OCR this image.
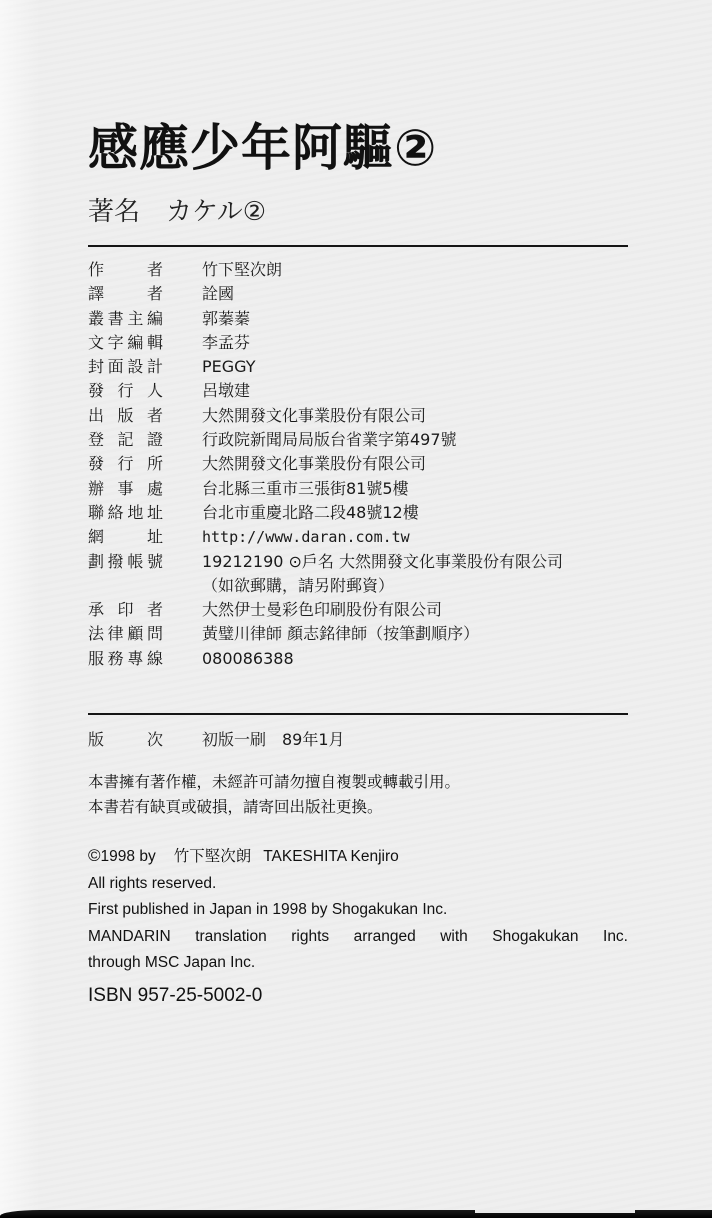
感應少年阿驅②
著名 カケル②
作　者 竹下堅次朗
譯　者 詮國
叢書主編 郭蓁蓁
文字編輯 李孟芬
封面設計 PEGGY
發行人 呂墩建
出版者 大然開發文化事業股份有限公司
登記證 行政院新聞局局版台省業字第497號
發行所 大然開發文化事業股份有限公司
辦事處 台北縣三重市三張街81號5樓
聯絡地址 台北市重慶北路二段48號12樓
網　址	http://www.daran.com.tw
劃撥帳號 19212190 ⊙戶名 大然開發文化事業股份有限公司
（如欲郵購，請另附郵資）
承印者 大然伊士曼彩色印刷股份有限公司
法律顧問 黃璧川律師 顏志銘律師（按筆劃順序）
服務專線 080086388
版　次 初版一刷　89年1月
本書擁有著作權，未經許可請勿擅自複製或轉載引用。
本書若有缺頁或破損，請寄回出版社更換。
©1998 by 竹下堅次朗 TAKESHITA Kenjiro
All rights reserved.
First published in Japan in 1998 by Shogakukan Inc.
MANDARIN translation rights arranged with Shogakukan Inc.
through MSC Japan Inc.
ISBN 957-25-5002-0
